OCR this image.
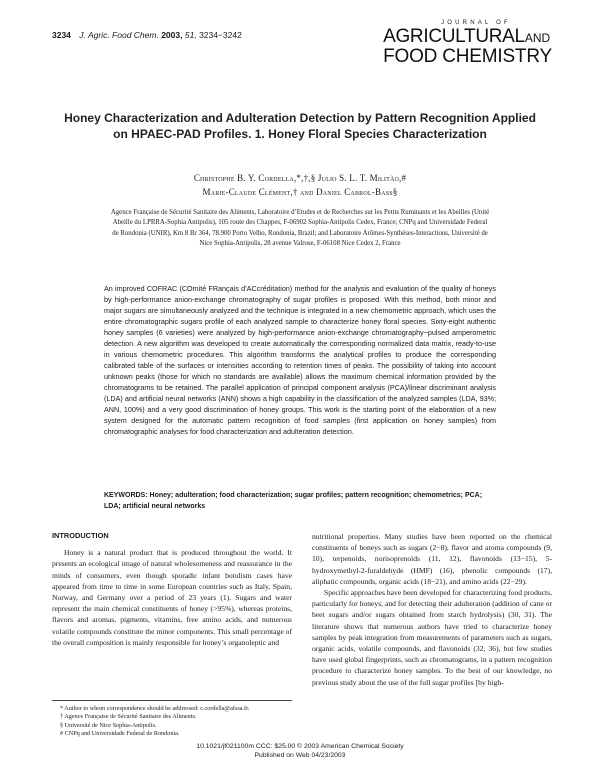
3234 J. Agric. Food Chem. 2003, 51, 3234−3242
JOURNAL OF
AGRICULTURALAND
FOOD CHEMISTRY
Honey Characterization and Adulteration Detection by Pattern Recognition Applied on HPAEC-PAD Profiles. 1. Honey Floral Species Characterization
Christophe B. Y. Cordella,*,†,§ Julio S. L. T. Militão,#
Marie-Claude Clément,† and Daniel Cabrol-Bass§
Agence Française de Sécurité Sanitaire des Aliments, Laboratoire d’Etudes et de Recherches sur les Petits Ruminants et les Abeilles (Unité Abeille du LPRRA-Sophia Antipolis), 105 route des Chappes, F-06902 Sophia-Antipolis Cedex, France; CNPq and Universidade Federal de Rondonia (UNIR), Km 8 Br 364, 78.900 Porto Velho, Rondonia, Brazil; and Laboratoire Arômes-Synthèses-Interactions, Université de Nice Sophia-Antipolis, 28 avenue Valrose, F-06108 Nice Cedex 2, France
An improved COFRAC (COmité FRançais d’ACcréditation) method for the analysis and evaluation of the quality of honeys by high-performance anion-exchange chromatography of sugar profiles is proposed. With this method, both minor and major sugars are simultaneously analyzed and the technique is integrated in a new chemometric approach, which uses the entire chromatographic sugars profile of each analyzed sample to characterize honey floral species. Sixty-eight authentic honey samples (6 varieties) were analyzed by high-performance anion-exchange chromatography−pulsed amperometric detection. A new algorithm was developed to create automatically the corresponding normalized data matrix, ready-to-use in various chemometric procedures. This algorithm transforms the analytical profiles to produce the corresponding calibrated table of the surfaces or intensities according to retention times of peaks. The possibility of taking into account unknown peaks (those for which no standards are available) allows the maximum chemical information provided by the chromatograms to be retained. The parallel application of principal component analysis (PCA)/linear discriminant analysis (LDA) and artificial neural networks (ANN) shows a high capability in the classification of the analyzed samples (LDA, 93%; ANN, 100%) and a very good discrimination of honey groups. This work is the starting point of the elaboration of a new system designed for the automatic pattern recognition of food samples (first application on honey samples) from chromatographic analyses for food characterization and adulteration detection.
KEYWORDS: Honey; adulteration; food characterization; sugar profiles; pattern recognition; chemometrics; PCA; LDA; artificial neural networks
INTRODUCTION

Honey is a natural product that is produced throughout the world. It presents an ecological image of natural wholesomeness and reassurance in the minds of consumers, even though sporadic infant botulism cases have appeared from time to time in some European countries such as Italy, Spain, Norway, and Germany over a period of 23 years (1). Sugars and water represent the main chemical constituents of honey (>95%), whereas proteins, flavors and aromas, pigments, vitamins, free amino acids, and numerous volatile compounds constitute the minor components. This small percentage of the overall composition is mainly responsible for honey’s organoleptic and

nutritional properties. Many studies have been reported on the chemical constituents of honeys such as sugars (2−8), flavor and aroma compounds (9, 10), terpenoids, norisoprenoids (11, 12), flavonoids (13−15), 5-hydroxymethyl-2-furaldehyde (HMF) (16), phenolic compounds (17), aliphatic compounds, organic acids (18−21), and amino acids (22−29).

Specific approaches have been developed for characterizing food products, particularly for honeys, and for detecting their adulteration (addition of cane or beet sugars and/or sugars obtained from starch hydrolysis) (30, 31). The literature shows that numerous authors have tried to characterize honey samples by peak integration from measurements of parameters such as sugars, organic acids, volatile compounds, and flavonoids (32, 36), but few studies have used global fingerprints, such as chromatograms, in a pattern recognition procedure to characterize honey samples. To the best of our knowledge, no previous study about the use of the full sugar profiles [by high-

* Author to whom correspondence should be addressed: c.cordella@afssa.fr.
† Agence Française de Sécurité Sanitaire des Aliments.
§ Université de Nice Sophia-Antipolis.
# CNPq and Universidade Federal de Rondonia.
10.1021/jf021100m CCC: $25.00 © 2003 American Chemical Society
Published on Web 04/23/2003
